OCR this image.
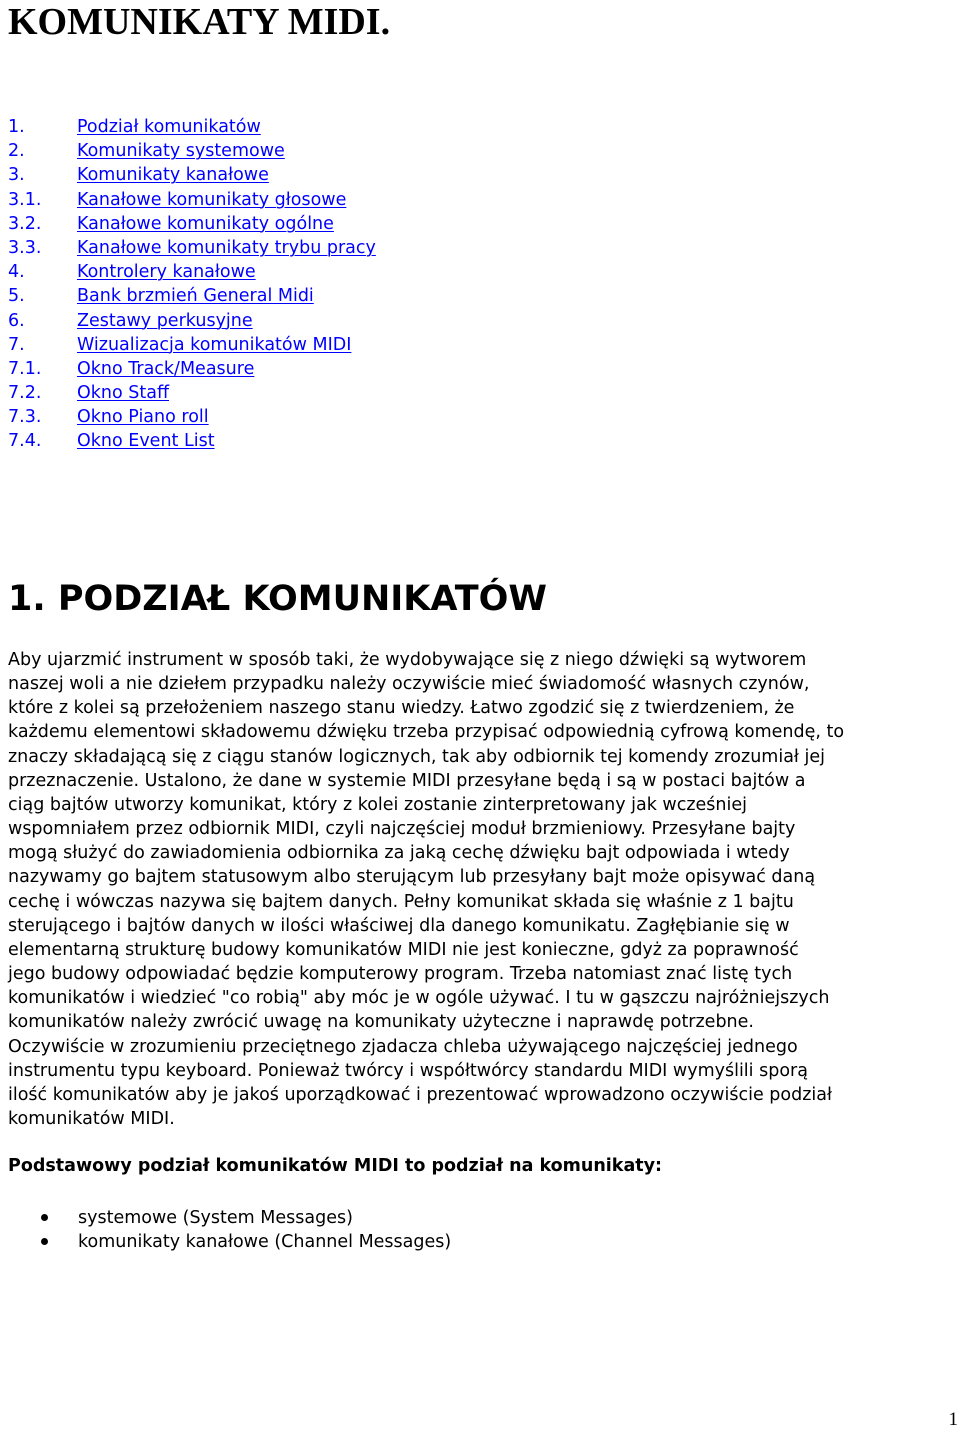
KOMUNIKATY MIDI.
1.	Podział komunikatów
2.	Komunikaty systemowe
3.	Komunikaty kanałowe
3.1. Kanałowe komunikaty głosowe
3.2. Kanałowe komunikaty ogólne
3.3. Kanałowe komunikaty trybu pracy
4.	Kontrolery kanałowe
5.	Bank brzmień General Midi
6.	Zestawy perkusyjne
7.	Wizualizacja komunikatów MIDI
7.1. Okno Track/Measure
7.2. Okno Staff
7.3. Okno Piano roll
7.4. Okno Event List
1. PODZIAŁ KOMUNIKATÓW

Aby ujarzmić instrument w sposób taki, że wydobywające się z niego dźwięki są wytworem
naszej woli a nie dziełem przypadku należy oczywiście mieć świadomość własnych czynów,
które z kolei są przełożeniem naszego stanu wiedzy. Łatwo zgodzić się z twierdzeniem, że
każdemu elementowi składowemu dźwięku trzeba przypisać odpowiednią cyfrową komendę, to
znaczy składającą się z ciągu stanów logicznych, tak aby odbiornik tej komendy zrozumiał jej
przeznaczenie. Ustalono, że dane w systemie MIDI przesyłane będą i są w postaci bajtów a
ciąg bajtów utworzy komunikat, który z kolei zostanie zinterpretowany jak wcześniej
wspomniałem przez odbiornik MIDI, czyli najczęściej moduł brzmieniowy. Przesyłane bajty
mogą służyć do zawiadomienia odbiornika za jaką cechę dźwięku bajt odpowiada i wtedy
nazywamy go bajtem statusowym albo sterującym lub przesyłany bajt może opisywać daną
cechę i wówczas nazywa się bajtem danych. Pełny komunikat składa się właśnie z 1 bajtu
sterującego i bajtów danych w ilości właściwej dla danego komunikatu. Zagłębianie się w
elementarną strukturę budowy komunikatów MIDI nie jest konieczne, gdyż za poprawność
jego budowy odpowiadać będzie komputerowy program. Trzeba natomiast znać listę tych
komunikatów i wiedzieć "co robią" aby móc je w ogóle używać. I tu w gąszczu najróżniejszych
komunikatów należy zwrócić uwagę na komunikaty użyteczne i naprawdę potrzebne.
Oczywiście w zrozumieniu przeciętnego zjadacza chleba używającego najczęściej jednego
instrumentu typu keyboard. Ponieważ twórcy i współtwórcy standardu MIDI wymyślili sporą
ilość komunikatów aby je jakoś uporządkować i prezentować wprowadzono oczywiście podział
komunikatów MIDI.

Podstawowy podział komunikatów MIDI to podział na komunikaty:

systemowe (System Messages)
komunikaty kanałowe (Channel Messages)

1
